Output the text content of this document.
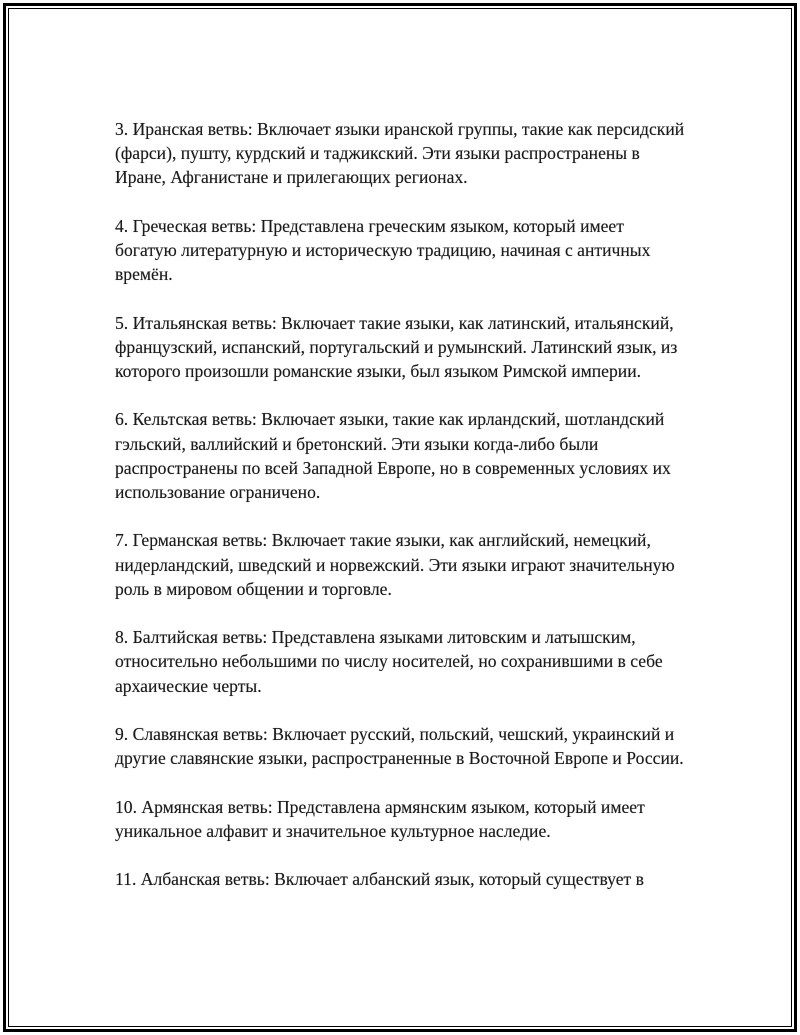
3. Иранская ветвь: Включает языки иранской группы, такие как персидский (фарси), пушту, курдский и таджикский. Эти языки распространены в Иране, Афганистане и прилегающих регионах.

4. Греческая ветвь: Представлена греческим языком, который имеет богатую литературную и историческую традицию, начиная с античных времён.

5. Итальянская ветвь: Включает такие языки, как латинский, итальянский, французский, испанский, португальский и румынский. Латинский язык, из которого произошли романские языки, был языком Римской империи.

6. Кельтская ветвь: Включает языки, такие как ирландский, шотландский гэльский, валлийский и бретонский. Эти языки когда-либо были распространены по всей Западной Европе, но в современных условиях их использование ограничено.

7. Германская ветвь: Включает такие языки, как английский, немецкий, нидерландский, шведский и норвежский. Эти языки играют значительную роль в мировом общении и торговле.

8. Балтийская ветвь: Представлена языками литовским и латышским, относительно небольшими по числу носителей, но сохранившими в себе архаические черты.

9. Славянская ветвь: Включает русский, польский, чешский, украинский и другие славянские языки, распространенные в Восточной Европе и России.

10. Армянская ветвь: Представлена армянским языком, который имеет уникальное алфавит и значительное культурное наследие.

11. Албанская ветвь: Включает албанский язык, который существует в
